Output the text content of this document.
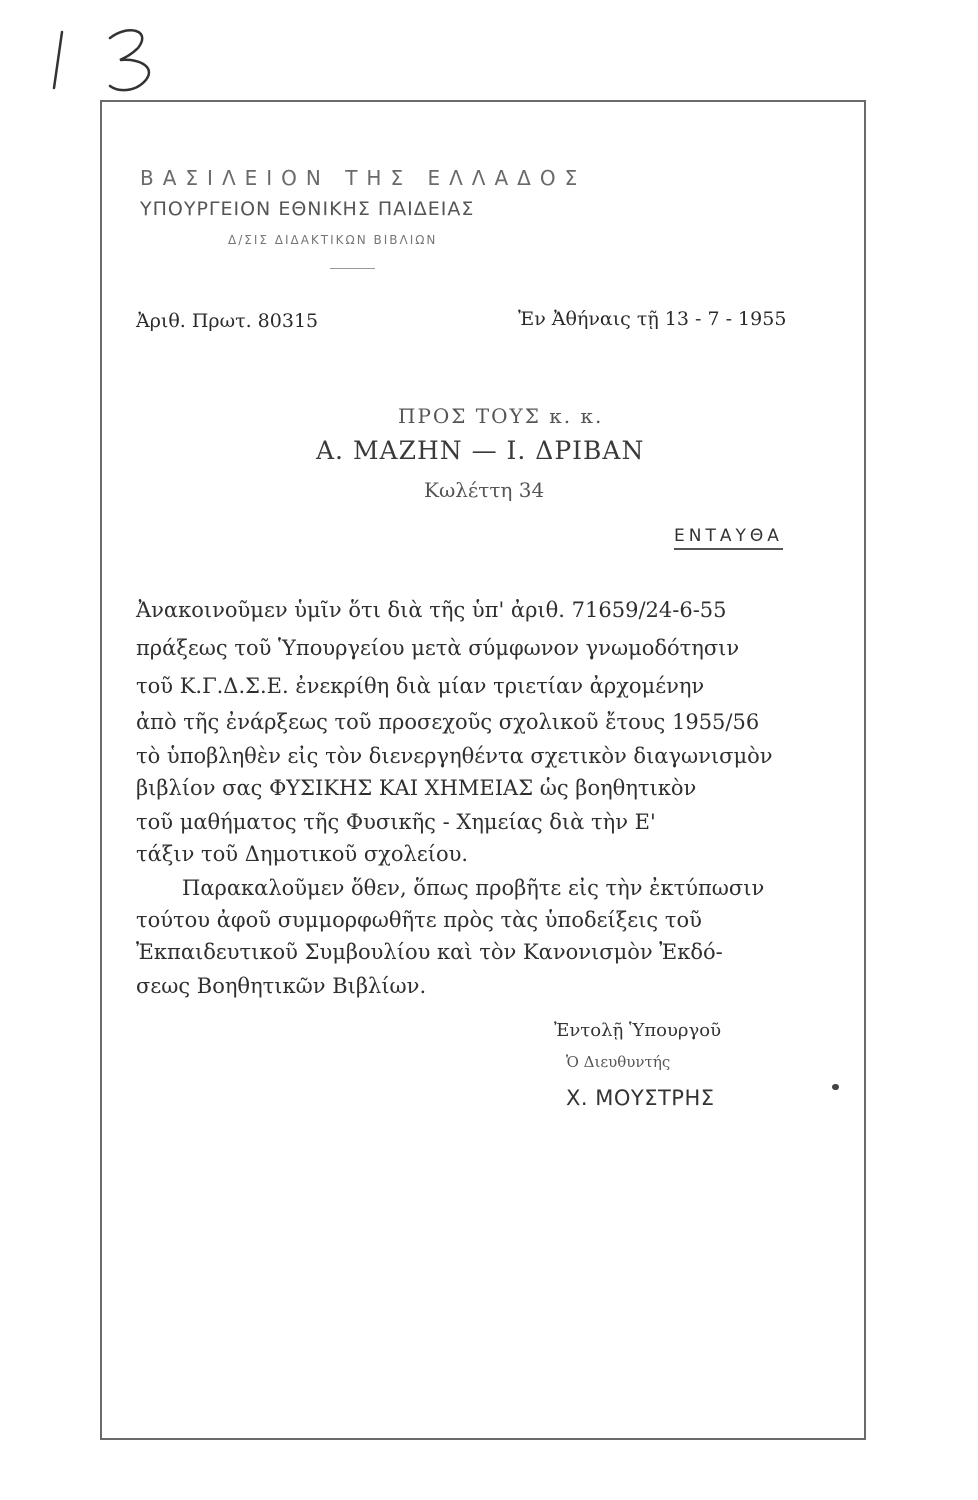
ΒΑΣΙΛΕΙΟΝ ΤΗΣ ΕΛΛΑΔΟΣ
ΥΠΟΥΡΓΕΙΟΝ ΕΘΝΙΚΗΣ ΠΑΙΔΕΙΑΣ
Δ/ΣΙΣ ΔΙΔΑΚΤΙΚΩΝ ΒΙΒΛΙΩΝ
Ἀριθ. Πρωτ. 80315	Ἐν Ἀθήναις τῇ 13 - 7 - 1955
ΠΡΟΣ ΤΟΥΣ κ. κ.
Α. ΜΑΖΗΝ — Ι. ΔΡΙΒΑΝ
Κωλέττη 34
ΕΝΤΑΥΘΑ
Ἀνακοινοῦμεν ὑμῖν ὅτι διὰ τῆς ὑπ' ἀριθ. 71659/24-6-55
πράξεως τοῦ Ὑπουργείου μετὰ σύμφωνον γνωμοδότησιν
τοῦ Κ.Γ.Δ.Σ.Ε. ἐνεκρίθη διὰ μίαν τριετίαν ἀρχομένην
ἀπὸ τῆς ἐνάρξεως τοῦ προσεχοῦς σχολικοῦ ἔτους 1955/56
τὸ ὑποβληθὲν εἰς τὸν διενεργηθέντα σχετικὸν διαγωνισμὸν
βιβλίον σας ΦΥΣΙΚΗΣ ΚΑΙ ΧΗΜΕΙΑΣ ὡς βοηθητικὸν
τοῦ μαθήματος τῆς Φυσικῆς - Χημείας διὰ τὴν Ε'
τάξιν τοῦ Δημοτικοῦ σχολείου.
Παρακαλοῦμεν ὅθεν, ὅπως προβῆτε εἰς τὴν ἐκτύπωσιν
τούτου ἀφοῦ συμμορφωθῆτε πρὸς τὰς ὑποδείξεις τοῦ
Ἐκπαιδευτικοῦ Συμβουλίου καὶ τὸν Κανονισμὸν Ἐκδό-
σεως Βοηθητικῶν Βιβλίων.
Ἐντολῇ Ὑπουργοῦ
Ὁ Διευθυντής
Χ. ΜΟΥΣΤΡΗΣ
